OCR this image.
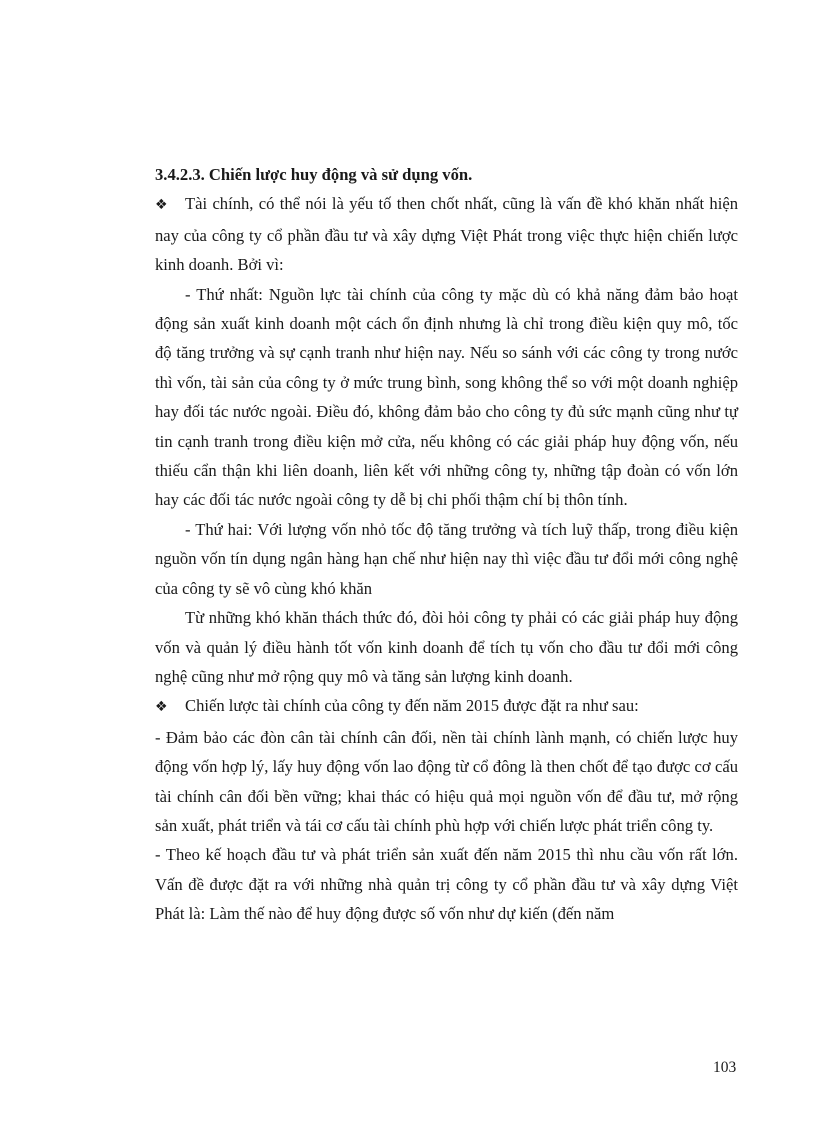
3.4.2.3. Chiến lược huy động và sử dụng vốn.

❖ Tài chính, có thể nói là yếu tố then chốt nhất, cũng là vấn đề khó khăn nhất hiện nay của công ty cổ phần đầu tư và xây dựng Việt Phát trong việc thực hiện chiến lược kinh doanh. Bởi vì:

- Thứ nhất: Nguồn lực tài chính của công ty mặc dù có khả năng đảm bảo hoạt động sản xuất kinh doanh một cách ổn định nhưng là chỉ trong điều kiện quy mô, tốc độ tăng trưởng và sự cạnh tranh như hiện nay. Nếu so sánh với các công ty trong nước thì vốn, tài sản của công ty ở mức trung bình, song không thể so với một doanh nghiệp hay đối tác nước ngoài. Điều đó, không đảm bảo cho công ty đủ sức mạnh cũng như tự tin cạnh tranh trong điều kiện mở cửa, nếu không có các giải pháp huy động vốn, nếu thiếu cẩn thận khi liên doanh, liên kết với những công ty, những tập đoàn có vốn lớn hay các đối tác nước ngoài công ty dễ bị chi phối thậm chí bị thôn tính.

- Thứ hai: Với lượng vốn nhỏ tốc độ tăng trưởng và tích luỹ thấp, trong điều kiện nguồn vốn tín dụng ngân hàng hạn chế như hiện nay thì việc đầu tư đổi mới công nghệ của công ty sẽ vô cùng khó khăn

Từ những khó khăn thách thức đó, đòi hỏi công ty phải có các giải pháp huy động vốn và quản lý điều hành tốt vốn kinh doanh để tích tụ vốn cho đầu tư đổi mới công nghệ cũng như mở rộng quy mô và tăng sản lượng kinh doanh.

❖ Chiến lược tài chính của công ty đến năm 2015 được đặt ra như sau:

- Đảm bảo các đòn cân tài chính cân đối, nền tài chính lành mạnh, có chiến lược huy động vốn hợp lý, lấy huy động vốn lao động từ cổ đông là then chốt để tạo được cơ cấu tài chính cân đối bền vững; khai thác có hiệu quả mọi nguồn vốn để đầu tư, mở rộng sản xuất, phát triển và tái cơ cấu tài chính phù hợp với chiến lược phát triển công ty.

- Theo kế hoạch đầu tư và phát triển sản xuất đến năm 2015 thì nhu cầu vốn rất lớn. Vấn đề được đặt ra với những nhà quản trị công ty cổ phần đầu tư và xây dựng Việt Phát là: Làm thế nào để huy động được số vốn như dự kiến (đến năm

103
